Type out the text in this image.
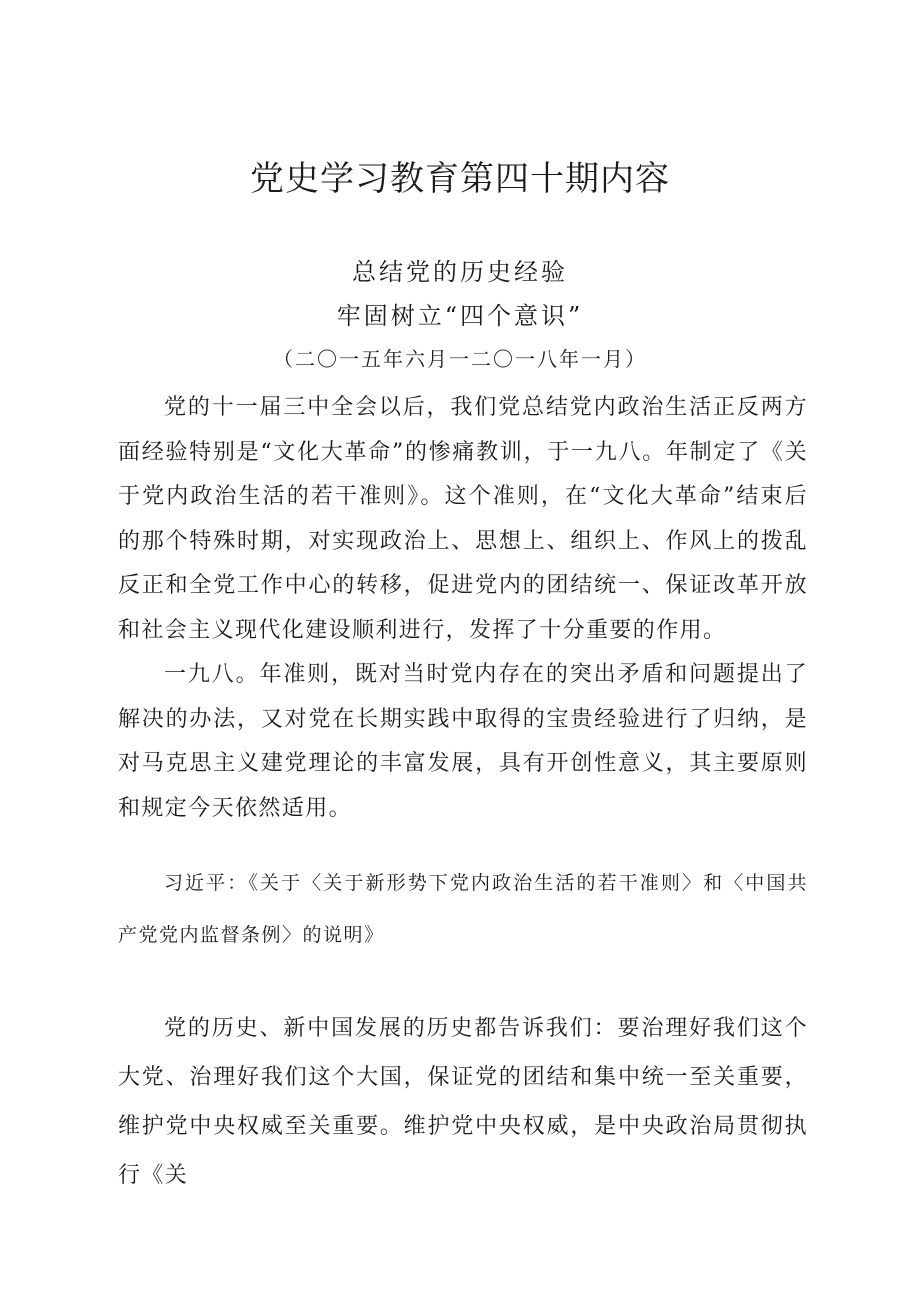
党史学习教育第四十期内容

总结党的历史经验

牢固树立“四个意识”

（二〇一五年六月一二〇一八年一月）

党的十一届三中全会以后，我们党总结党内政治生活正反两方面经验特别是“文化大革命”的惨痛教训，于一九八。年制定了《关于党内政治生活的若干准则》。这个准则，在“文化大革命”结束后的那个特殊时期，对实现政治上、思想上、组织上、作风上的拨乱反正和全党工作中心的转移，促进党内的团结统一、保证改革开放和社会主义现代化建设顺利进行，发挥了十分重要的作用。

一九八。年准则，既对当时党内存在的突出矛盾和问题提出了解决的办法，又对党在长期实践中取得的宝贵经验进行了归纳，是对马克思主义建党理论的丰富发展，具有开创性意义，其主要原则和规定今天依然适用。

习近平：《关于〈关于新形势下党内政治生活的若干准则〉和〈中国共产党党内监督条例〉的说明》

党的历史、新中国发展的历史都告诉我们：要治理好我们这个大党、治理好我们这个大国，保证党的团结和集中统一至关重要，维护党中央权威至关重要。维护党中央权威，是中央政治局贯彻执行《关
